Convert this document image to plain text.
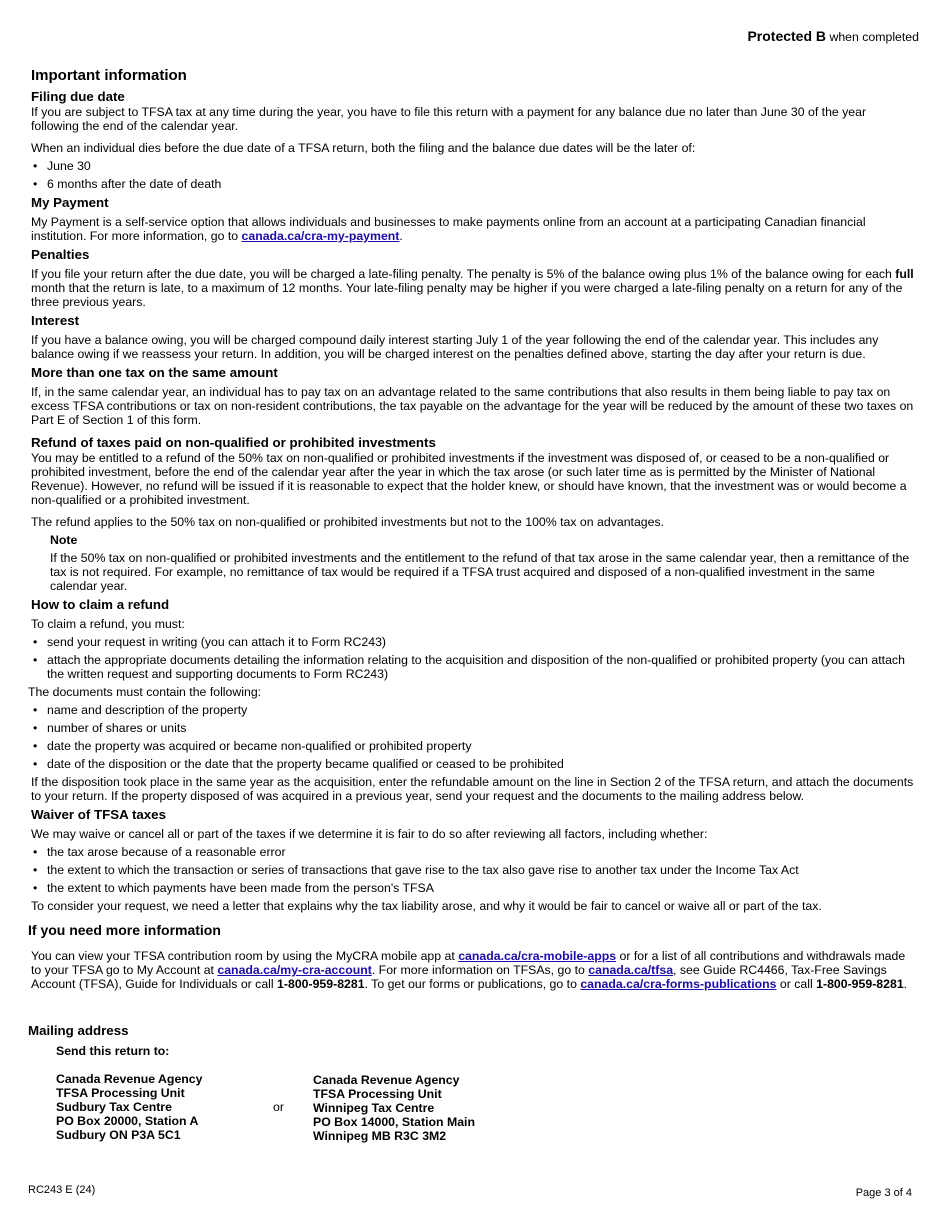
Protected B when completed
Important information
Filing due date

If you are subject to TFSA tax at any time during the year, you have to file this return with a payment for any balance due no later than June 30 of the year following the end of the calendar year.

When an individual dies before the due date of a TFSA return, both the filing and the balance due dates will be the later of:

• June 30
• 6 months after the date of death
My Payment

My Payment is a self-service option that allows individuals and businesses to make payments online from an account at a participating Canadian financial institution. For more information, go to canada.ca/cra-my-payment.

Penalties

If you file your return after the due date, you will be charged a late-filing penalty. The penalty is 5% of the balance owing plus 1% of the balance owing for each full month that the return is late, to a maximum of 12 months. Your late-filing penalty may be higher if you were charged a late-filing penalty on a return for any of the three previous years.

Interest

If you have a balance owing, you will be charged compound daily interest starting July 1 of the year following the end of the calendar year. This includes any balance owing if we reassess your return. In addition, you will be charged interest on the penalties defined above, starting the day after your return is due.

More than one tax on the same amount

If, in the same calendar year, an individual has to pay tax on an advantage related to the same contributions that also results in them being liable to pay tax on excess TFSA contributions or tax on non-resident contributions, the tax payable on the advantage for the year will be reduced by the amount of these two taxes on Part E of Section 1 of this form.

Refund of taxes paid on non-qualified or prohibited investments

You may be entitled to a refund of the 50% tax on non-qualified or prohibited investments if the investment was disposed of, or ceased to be a non-qualified or prohibited investment, before the end of the calendar year after the year in which the tax arose (or such later time as is permitted by the Minister of National Revenue). However, no refund will be issued if it is reasonable to expect that the holder knew, or should have known, that the investment was or would become a non-qualified or a prohibited investment.

The refund applies to the 50% tax on non-qualified or prohibited investments but not to the 100% tax on advantages.

Note

If the 50% tax on non-qualified or prohibited investments and the entitlement to the refund of that tax arose in the same calendar year, then a remittance of the tax is not required. For example, no remittance of tax would be required if a TFSA trust acquired and disposed of a non-qualified investment in the same calendar year.

How to claim a refund

To claim a refund, you must:

• send your request in writing (you can attach it to Form RC243)
• attach the appropriate documents detailing the information relating to the acquisition and disposition of the non-qualified or prohibited property (you can attach the written request and supporting documents to Form RC243)

The documents must contain the following:

• name and description of the property
• number of shares or units
• date the property was acquired or became non-qualified or prohibited property
• date of the disposition or the date that the property became qualified or ceased to be prohibited

If the disposition took place in the same year as the acquisition, enter the refundable amount on the line in Section 2 of the TFSA return, and attach the documents to your return. If the property disposed of was acquired in a previous year, send your request and the documents to the mailing address below.

Waiver of TFSA taxes

We may waive or cancel all or part of the taxes if we determine it is fair to do so after reviewing all factors, including whether:

• the tax arose because of a reasonable error
• the extent to which the transaction or series of transactions that gave rise to the tax also gave rise to another tax under the Income Tax Act
• the extent to which payments have been made from the person's TFSA

To consider your request, we need a letter that explains why the tax liability arose, and why it would be fair to cancel or waive all or part of the tax.

If you need more information

You can view your TFSA contribution room by using the MyCRA mobile app at canada.ca/cra-mobile-apps or for a list of all contributions and withdrawals made to your TFSA go to My Account at canada.ca/my-cra-account. For more information on TFSAs, go to canada.ca/tfsa, see Guide RC4466, Tax-Free Savings Account (TFSA), Guide for Individuals or call 1-800-959-8281. To get our forms or publications, go to canada.ca/cra-forms-publications or call 1-800-959-8281.

Mailing address
Send this return to:
Canada Revenue Agency
TFSA Processing Unit
Sudbury Tax Centre
PO Box 20000, Station A
Sudbury ON P3A 5C1
or
Canada Revenue Agency
TFSA Processing Unit
Winnipeg Tax Centre
PO Box 14000, Station Main
Winnipeg MB R3C 3M2
RC243 E (24)	Page 3 of 4
